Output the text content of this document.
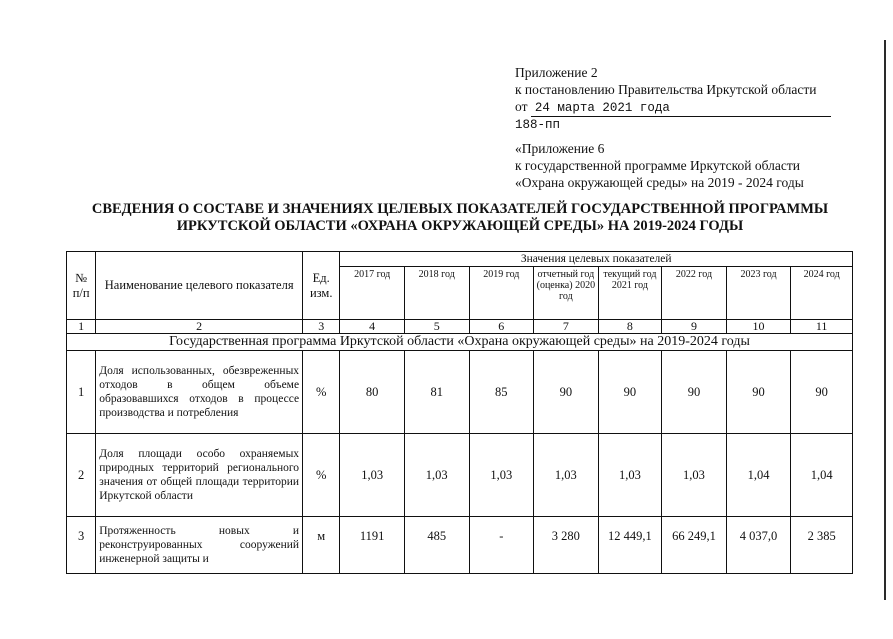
Приложение 2
к постановлению Правительства Иркутской области
от 24 марта 2021 года
188-пп
«Приложение 6
к государственной программе Иркутской области
«Охрана окружающей среды» на 2019 - 2024 годы
СВЕДЕНИЯ О СОСТАВЕ И ЗНАЧЕНИЯХ ЦЕЛЕВЫХ ПОКАЗАТЕЛЕЙ ГОСУДАРСТВЕННОЙ ПРОГРАММЫ
ИРКУТСКОЙ ОБЛАСТИ «ОХРАНА ОКРУЖАЮЩЕЙ СРЕДЫ» НА 2019-2024 ГОДЫ
№ п/п	Наименование целевого показателя	Ед. изм.	Значения целевых показателей							
			2017 год	2018 год	2019 год	отчетный год (оценка) 2020 год	текущий год 2021 год	2022 год	2023 год	2024 год
1	2	3	4	5	6	7	8	9	10	11
Государственная программа Иркутской области «Охрана окружающей среды» на 2019-2024 годы										
1	Доля использованных, обезвреженных отходов в общем объеме образовавшихся отходов в процессе производства и потребления	%	80	81	85	90	90	90	90	90
2	Доля площади особо охраняемых природных территорий регионального значения от общей площади территории Иркутской области	%	1,03	1,03	1,03	1,03	1,03	1,03	1,04	1,04
3	Протяженность новых и реконструированных сооружений инженерной защиты и	м	1191	485	-	3 280	12 449,1	66 249,1	4 037,0	2 385
